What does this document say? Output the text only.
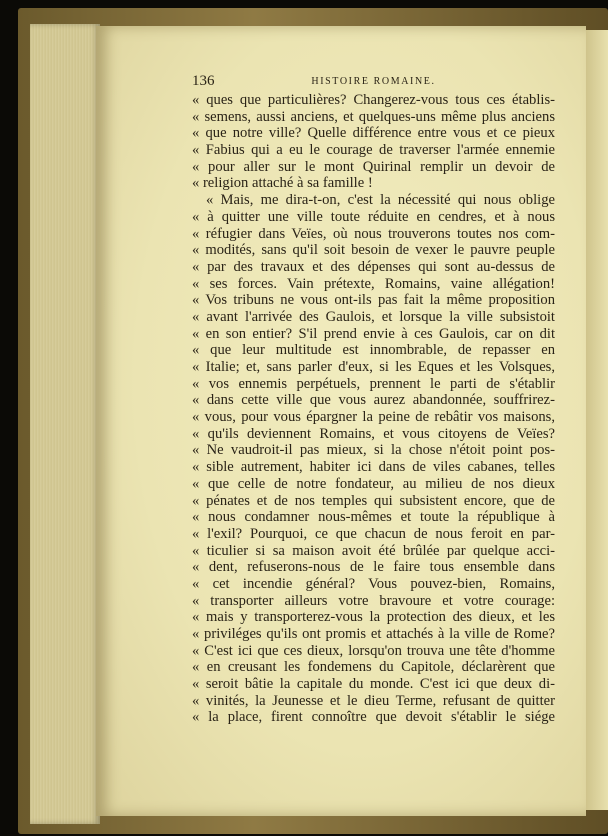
136	HISTOIRE ROMAINE.
« ques que particulières? Changerez-vous tous ces établis-
« semens, aussi anciens, et quelques-uns même plus anciens
« que notre ville? Quelle différence entre vous et ce pieux
« Fabius qui a eu le courage de traverser l'armée ennemie
« pour aller sur le mont Quirinal remplir un devoir de
« religion attaché à sa famille !
« Mais, me dira-t-on, c'est la nécessité qui nous oblige
« à quitter une ville toute réduite en cendres, et à nous
« réfugier dans Veïes, où nous trouverons toutes nos com-
« modités, sans qu'il soit besoin de vexer le pauvre peuple
« par des travaux et des dépenses qui sont au-dessus de
« ses forces. Vain prétexte, Romains, vaine allégation!
« Vos tribuns ne vous ont-ils pas fait la même proposition
« avant l'arrivée des Gaulois, et lorsque la ville subsistoit
« en son entier? S'il prend envie à ces Gaulois, car on dit
« que leur multitude est innombrable, de repasser en
« Italie; et, sans parler d'eux, si les Eques et les Volsques,
« vos ennemis perpétuels, prennent le parti de s'établir
« dans cette ville que vous aurez abandonnée, souffrirez-
« vous, pour vous épargner la peine de rebâtir vos maisons,
« qu'ils deviennent Romains, et vous citoyens de Veïes?
« Ne vaudroit-il pas mieux, si la chose n'étoit point pos-
« sible autrement, habiter ici dans de viles cabanes, telles
« que celle de notre fondateur, au milieu de nos dieux
« pénates et de nos temples qui subsistent encore, que de
« nous condamner nous-mêmes et toute la république à
« l'exil? Pourquoi, ce que chacun de nous feroit en par-
« ticulier si sa maison avoit été brûlée par quelque acci-
« dent, refuserons-nous de le faire tous ensemble dans
« cet incendie général? Vous pouvez-bien, Romains,
« transporter ailleurs votre bravoure et votre courage:
« mais y transporterez-vous la protection des dieux, et les
« priviléges qu'ils ont promis et attachés à la ville de Rome?
« C'est ici que ces dieux, lorsqu'on trouva une tête d'homme
« en creusant les fondemens du Capitole, déclarèrent que
« seroit bâtie la capitale du monde. C'est ici que deux di-
« vinités, la Jeunesse et le dieu Terme, refusant de quitter
« la place, firent connoître que devoit s'établir le siége
